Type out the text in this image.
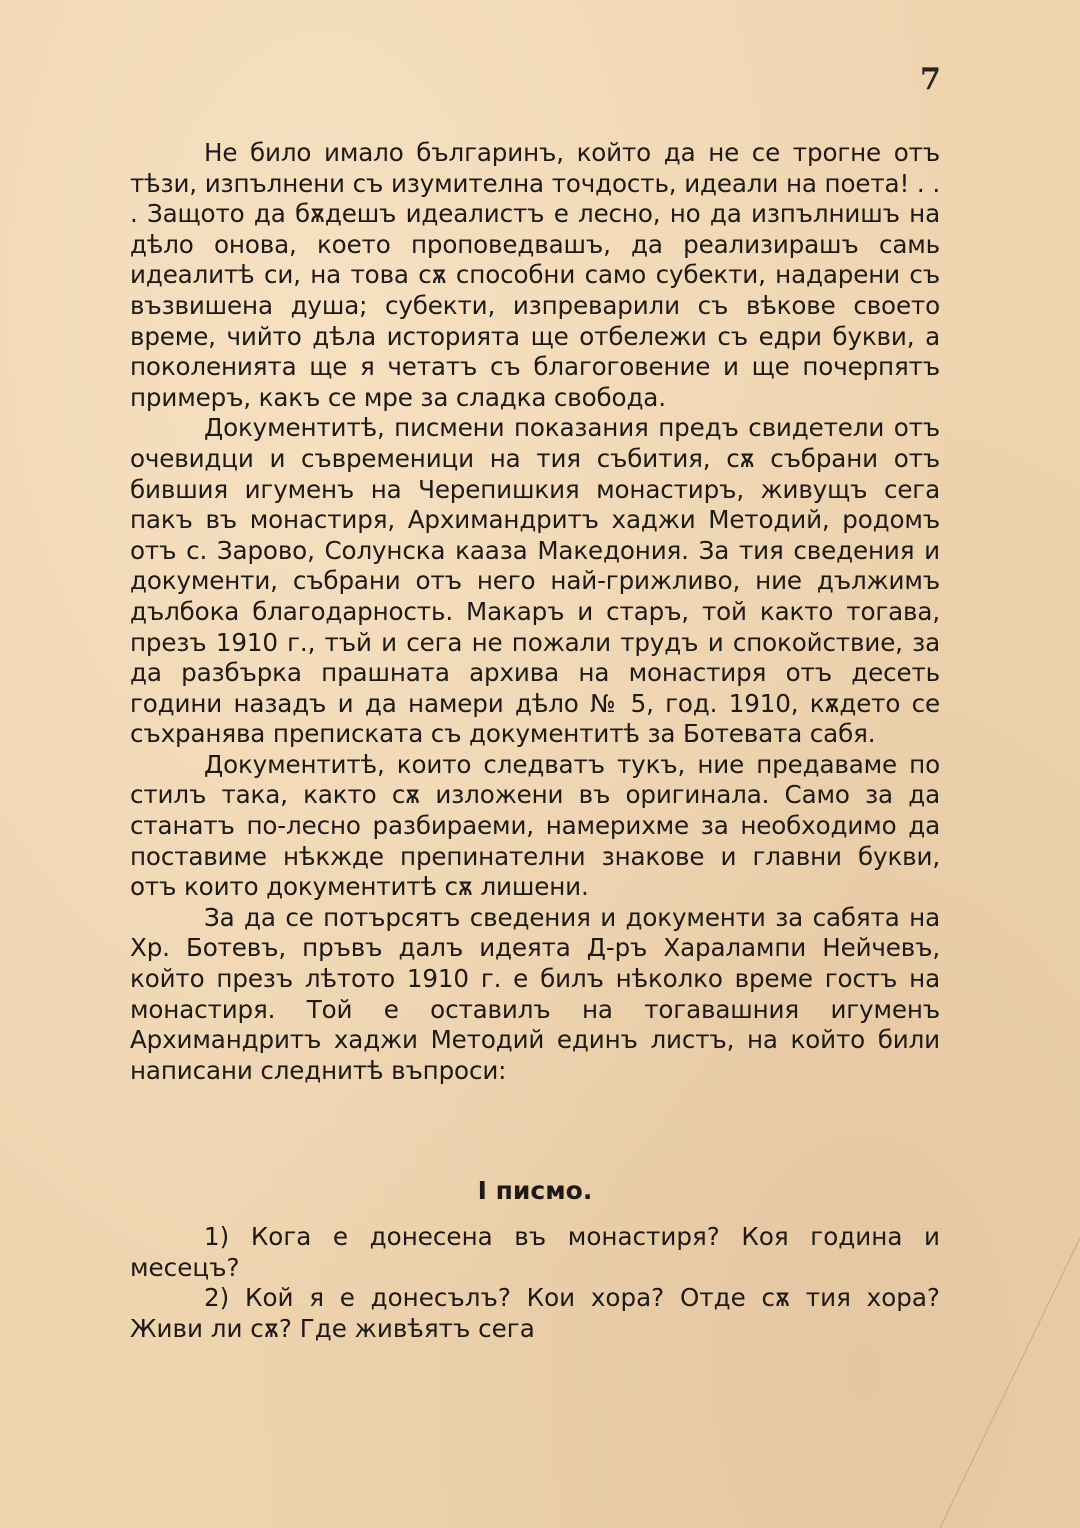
7

Не било имало българинъ, който да не се трогне отъ тѣзи, изпълнени съ изумителна точдость, идеали на поета! . . . Защото да бѫдешъ идеалистъ е лесно, но да изпълнишъ на дѣло онова, което проповедвашъ, да реализирашъ самь идеалитѣ си, на това сѫ способни само субекти, надарени съ възвишена душа; субекти, изпреварили съ вѣкове своето време, чийто дѣла историята ще отбележи съ едри букви, а поколенията ще я четатъ съ благоговение и ще почерпятъ примеръ, какъ се мре за сладка свобода.

Документитѣ, писмени показания предъ свидетели отъ очевидци и съвременици на тия събития, сѫ събрани отъ бившия игуменъ на Черепишкия монастиръ, живущъ сега пакъ въ монастиря, Архимандритъ хаджи Методий, родомъ отъ с. Зарово, Солунска кааза Македония. За тия сведения и документи, събрани отъ него най-грижливо, ние дължимъ дълбока благодарность. Макаръ и старъ, той както тогава, презъ 1910 г., тъй и сега не пожали трудъ и спокойствие, за да разбърка прашната архива на монастиря отъ десеть години назадъ и да намери дѣло № 5, год. 1910, кѫдето се съхранява преписката съ документитѣ за Ботевата сабя.

Документитѣ, които следватъ тукъ, ние предаваме по стилъ така, както сѫ изложени въ оригинала. Само за да станатъ по-лесно разбираеми, намерихме за необходимо да поставиме нѣкжде препинателни знакове и главни букви, отъ които документитѣ сѫ лишени.

За да се потърсятъ сведения и документи за сабята на Хр. Ботевъ, пръвъ далъ идеята Д-ръ Харалампи Нейчевъ, който презъ лѣтото 1910 г. е билъ нѣколко време гостъ на монастиря. Той е оставилъ на тогавашния игуменъ Архимандритъ хаджи Методий единъ листъ, на който били написани следнитѣ въпроси:

I писмо.

1) Кога е донесена въ монастиря? Коя година и месецъ?

2) Кой я е донесълъ? Кои хора? Отде сѫ тия хора? Живи ли сѫ? Где живѣятъ сега
